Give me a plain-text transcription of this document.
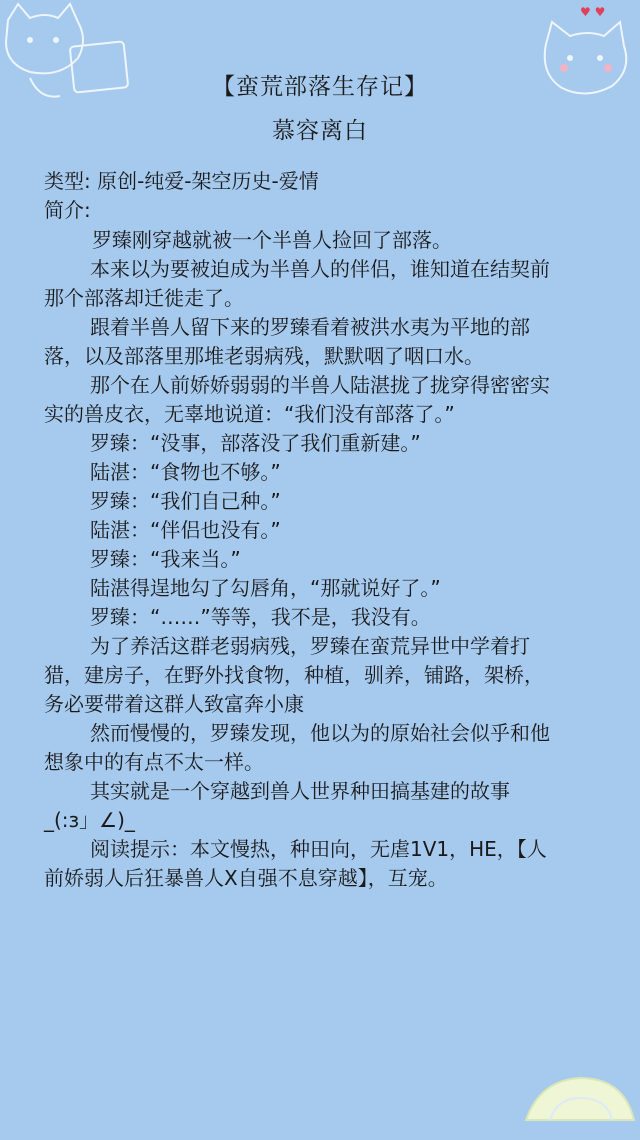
♥ ♥
【蛮荒部落生存记】
慕容离白
类型: 原创-纯爱-架空历史-爱情
简介:
罗臻刚穿越就被一个半兽人捡回了部落。
本来以为要被迫成为半兽人的伴侣，谁知道在结契前
那个部落却迁徙走了。
跟着半兽人留下来的罗臻看着被洪水夷为平地的部
落，以及部落里那堆老弱病残，默默咽了咽口水。
那个在人前娇娇弱弱的半兽人陆湛拢了拢穿得密密实
实的兽皮衣，无辜地说道：“我们没有部落了。”
罗臻：“没事，部落没了我们重新建。”
陆湛：“食物也不够。”
罗臻：“我们自己种。”
陆湛：“伴侣也没有。”
罗臻：“我来当。”
陆湛得逞地勾了勾唇角，“那就说好了。”
罗臻：“……”等等，我不是，我没有。
为了养活这群老弱病残，罗臻在蛮荒异世中学着打
猎，建房子，在野外找食物，种植，驯养，铺路，架桥，
务必要带着这群人致富奔小康
然而慢慢的，罗臻发现，他以为的原始社会似乎和他
想象中的有点不太一样。
其实就是一个穿越到兽人世界种田搞基建的故事
_(:з」∠)_
阅读提示：本文慢热，种田向，无虐1V1，HE，【人
前娇弱人后狂暴兽人X自强不息穿越】，互宠。
